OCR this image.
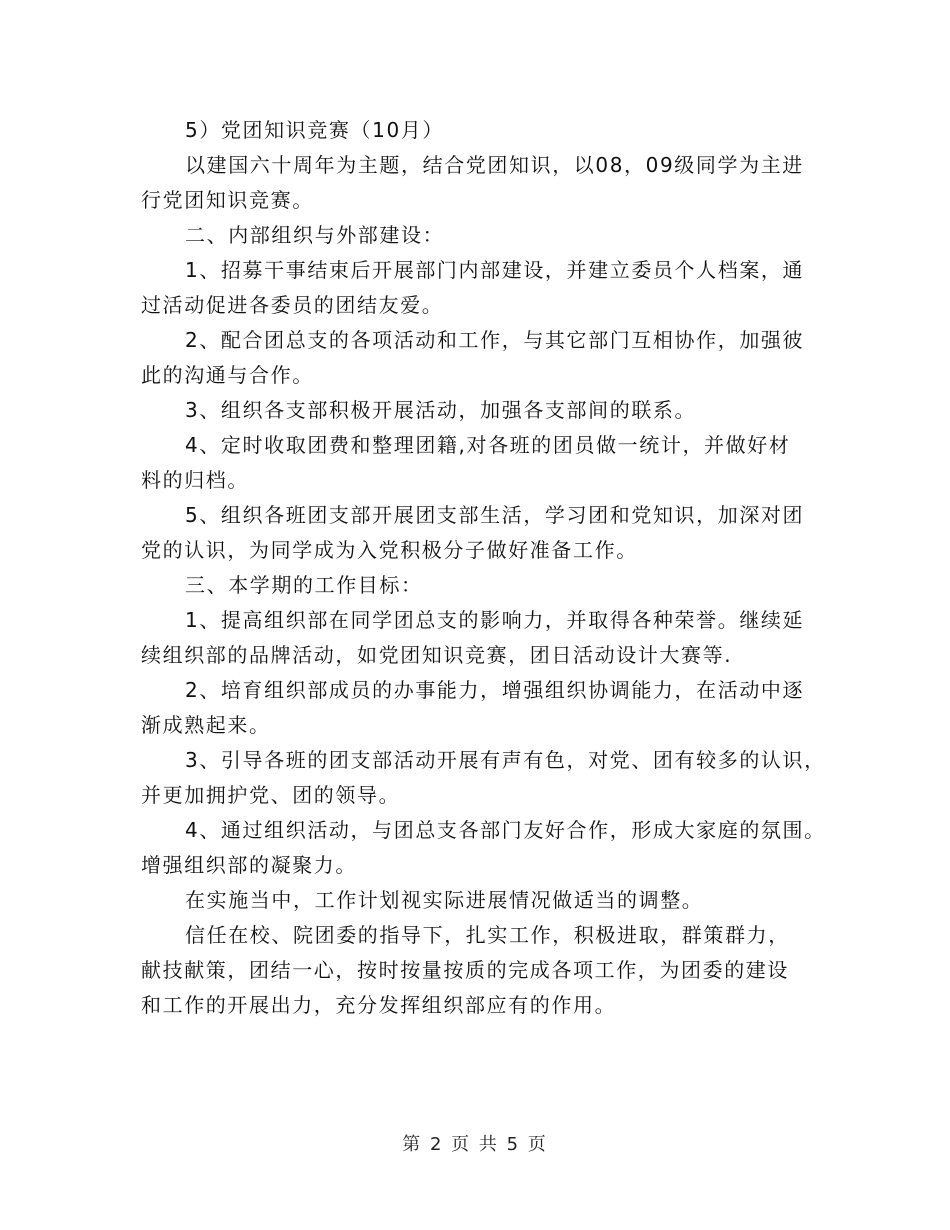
5）党团知识竞赛（10月）
以建国六十周年为主题，结合党团知识，以08，09级同学为主进
行党团知识竞赛。
二、内部组织与外部建设：
1、招募干事结束后开展部门内部建设，并建立委员个人档案，通
过活动促进各委员的团结友爱。
2、配合团总支的各项活动和工作，与其它部门互相协作，加强彼
此的沟通与合作。
3、组织各支部积极开展活动，加强各支部间的联系。
4、定时收取团费和整理团籍,对各班的团员做一统计，并做好材
料的归档。
5、组织各班团支部开展团支部生活，学习团和党知识，加深对团
党的认识，为同学成为入党积极分子做好准备工作。
三、本学期的工作目标：
1、提高组织部在同学团总支的影响力，并取得各种荣誉。继续延
续组织部的品牌活动，如党团知识竞赛，团日活动设计大赛等.
2、培育组织部成员的办事能力，增强组织协调能力，在活动中逐
渐成熟起来。
3、引导各班的团支部活动开展有声有色，对党、团有较多的认识，
并更加拥护党、团的领导。
4、通过组织活动，与团总支各部门友好合作，形成大家庭的氛围。
增强组织部的凝聚力。
在实施当中，工作计划视实际进展情况做适当的调整。
信任在校、院团委的指导下，扎实工作，积极进取，群策群力，
献技献策，团结一心，按时按量按质的完成各项工作，为团委的建设
和工作的开展出力，充分发挥组织部应有的作用。
第 2 页 共 5 页
